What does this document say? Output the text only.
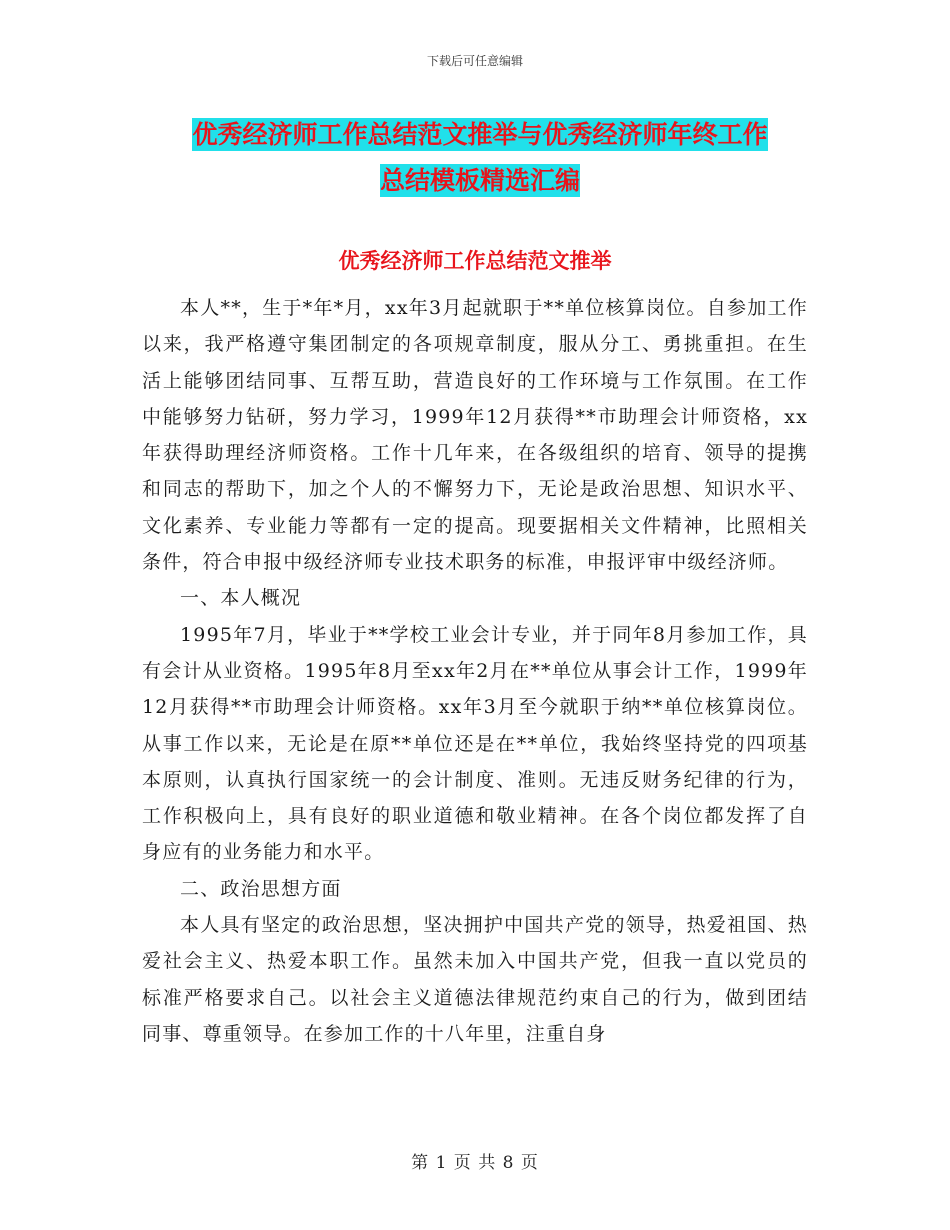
下载后可任意编辑
优秀经济师工作总结范文推举与优秀经济师年终工作
总结模板精选汇编
优秀经济师工作总结范文推举

本人**，生于*年*月，xx年3月起就职于**单位核算岗位。自参加工作以来，我严格遵守集团制定的各项规章制度，服从分工、勇挑重担。在生活上能够团结同事、互帮互助，营造良好的工作环境与工作氛围。在工作中能够努力钻研，努力学习，1999年12月获得**市助理会计师资格，xx年获得助理经济师资格。工作十几年来，在各级组织的培育、领导的提携和同志的帮助下，加之个人的不懈努力下，无论是政治思想、知识水平、文化素养、专业能力等都有一定的提高。现要据相关文件精神，比照相关条件，符合申报中级经济师专业技术职务的标准，申报评审中级经济师。

一、本人概况

1995年7月，毕业于**学校工业会计专业，并于同年8月参加工作，具有会计从业资格。1995年8月至xx年2月在**单位从事会计工作，1999年12月获得**市助理会计师资格。xx年3月至今就职于纳**单位核算岗位。从事工作以来，无论是在原**单位还是在**单位，我始终坚持党的四项基本原则，认真执行国家统一的会计制度、准则。无违反财务纪律的行为，工作积极向上，具有良好的职业道德和敬业精神。在各个岗位都发挥了自身应有的业务能力和水平。

二、政治思想方面

本人具有坚定的政治思想，坚决拥护中国共产党的领导，热爱祖国、热爱社会主义、热爱本职工作。虽然未加入中国共产党，但我一直以党员的标准严格要求自己。以社会主义道德法律规范约束自己的行为，做到团结同事、尊重领导。在参加工作的十八年里，注重自身

第 1 页 共 8 页
